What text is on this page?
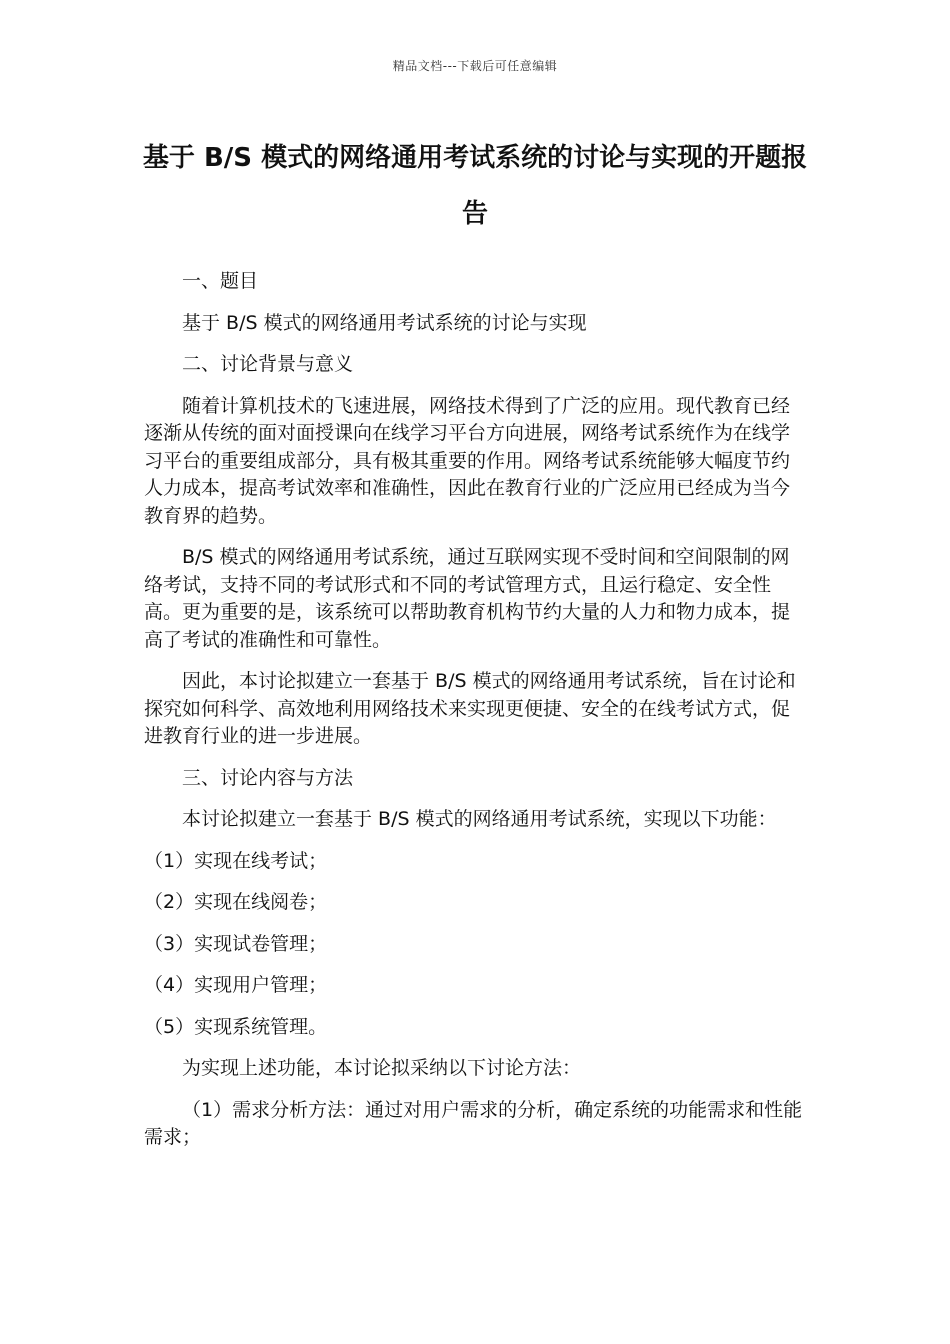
精品文档---下载后可任意编辑
基于 B/S 模式的网络通用考试系统的讨论与实现的开题报告

一、题目

基于 B/S 模式的网络通用考试系统的讨论与实现

二、讨论背景与意义

随着计算机技术的飞速进展，网络技术得到了广泛的应用。现代教育已经逐渐从传统的面对面授课向在线学习平台方向进展，网络考试系统作为在线学习平台的重要组成部分，具有极其重要的作用。网络考试系统能够大幅度节约人力成本，提高考试效率和准确性，因此在教育行业的广泛应用已经成为当今教育界的趋势。

B/S 模式的网络通用考试系统，通过互联网实现不受时间和空间限制的网络考试，支持不同的考试形式和不同的考试管理方式，且运行稳定、安全性高。更为重要的是，该系统可以帮助教育机构节约大量的人力和物力成本，提高了考试的准确性和可靠性。

因此，本讨论拟建立一套基于 B/S 模式的网络通用考试系统，旨在讨论和探究如何科学、高效地利用网络技术来实现更便捷、安全的在线考试方式，促进教育行业的进一步进展。

三、讨论内容与方法

本讨论拟建立一套基于 B/S 模式的网络通用考试系统，实现以下功能：

（1）实现在线考试；

（2）实现在线阅卷；

（3）实现试卷管理；

（4）实现用户管理；

（5）实现系统管理。

为实现上述功能，本讨论拟采纳以下讨论方法：

（1）需求分析方法：通过对用户需求的分析，确定系统的功能需求和性能需求；
